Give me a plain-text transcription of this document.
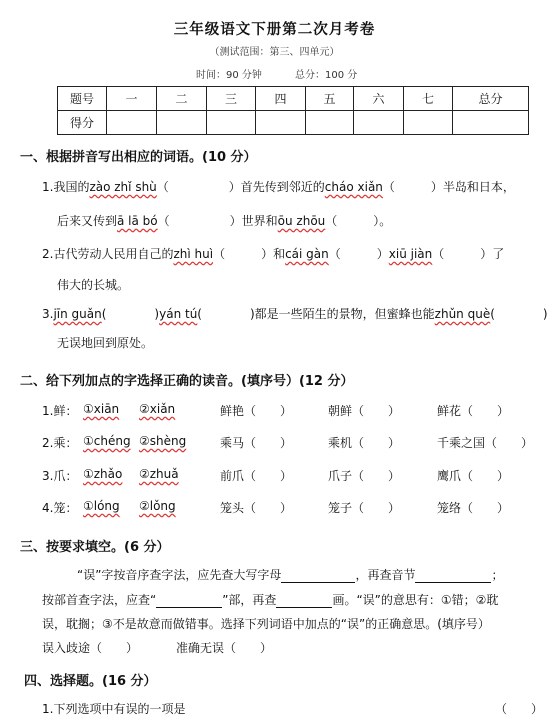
三年级语文下册第二次月考卷
（测试范围：第三、四单元）
时间：90 分钟	总分：100 分
题号	一	二	三	四	五	六	七	总分
得分								
一、根据拼音写出相应的词语。(10 分）
1.我国的zào zhǐ shù（　　　　　）首先传到邻近的cháo xiǎn（　　　）半岛和日本，
后来又传到ā lā bó（　　　　　）世界和ōu zhōu（　　　）。
2.古代劳动人民用自己的zhì huì（　　　）和cái gàn（　　　）xiū jiàn（　　　）了
伟大的长城。
3.jīn guǎn(　　　　)yán tú(　　　　)都是一些陌生的景物，但蜜蜂也能zhǔn què(　　　　)
无误地回到原处。
二、给下列加点的字选择正确的读音。(填序号）(12 分）
1.鲜： ①xiān ②xiǎn	鲜艳（　　）	朝鲜（　　）	鲜花（　　）
2.乘： ①chéng ②shèng	乘马（　　）	乘机（　　）	千乘之国（　　）
3.爪： ①zhǎo ②zhuǎ	前爪（　　）	爪子（　　）	鹰爪（　　）
4.笼： ①lóng ②lǒng	笼头（　　）	笼子（　　）	笼络（　　）
三、按要求填空。(6 分）
“误”字按音序查字法，应先查大写字母	，再查音节	；
按部首查字法，应查“	”部，再查	画。“误”的意思有：①错；②耽
误，耽搁；③不是故意而做错事。选择下列词语中加点的“误”的正确意思。(填序号）
误入歧途（　　）	准确无误（　　）
四、选择题。(16 分）
1.下列选项中有误的一项是	（　　）
